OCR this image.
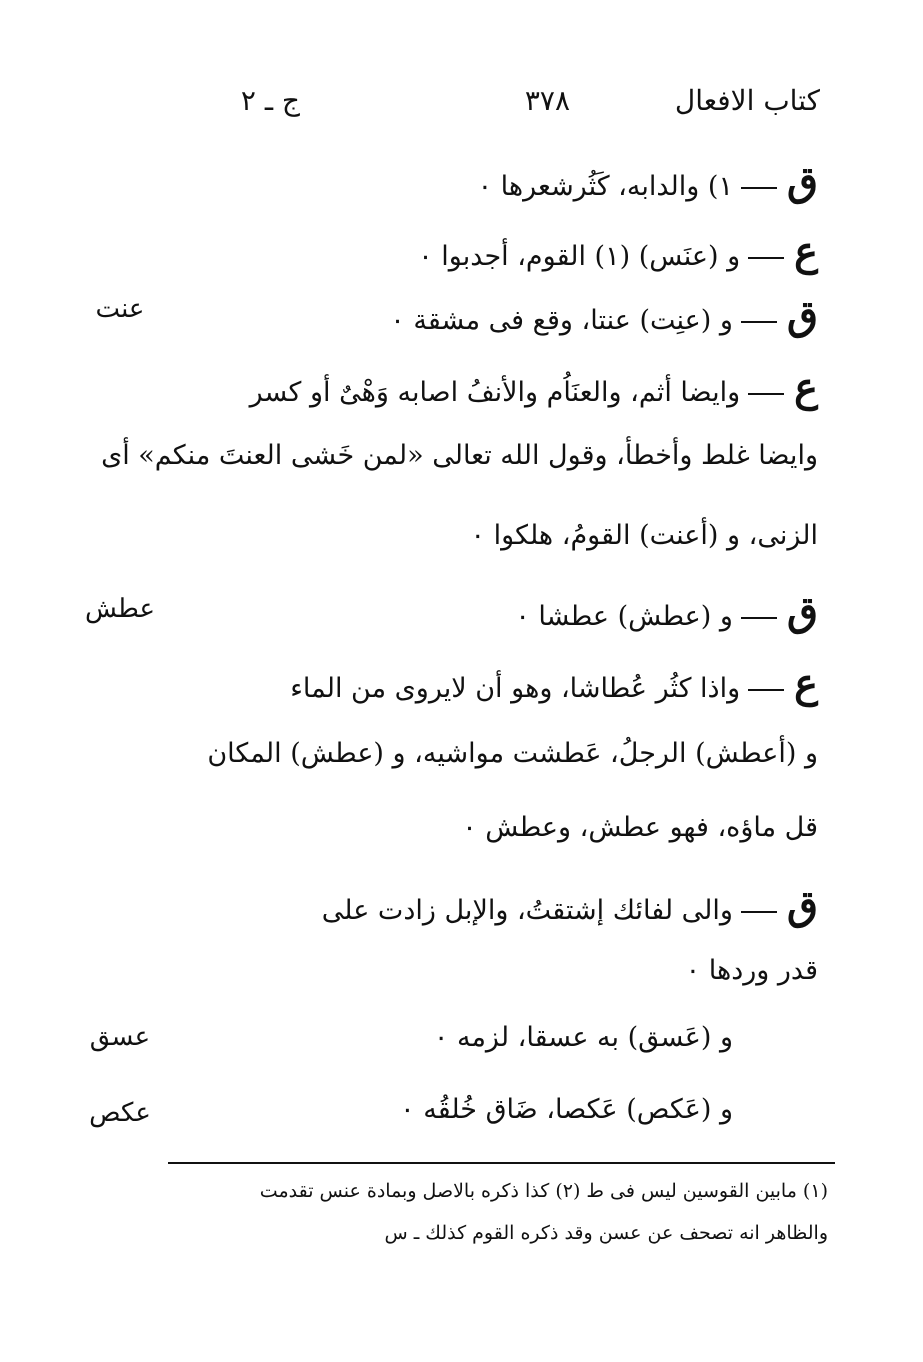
كتاب الافعال
٣٧٨
ج ـ ٢
ق١) والدابه، كَثُرشعرها ٠
عو (عنَس) (١) القوم، أجدبوا ٠
قو (عنِت) عنتا، وقع فى مشقة ٠
عنت
عوايضا أثم، والعنَاُم والأنفُ اصابه وَهْىٌ أو كسر
وايضا غلط وأخطأ، وقول الله تعالى «لمن خَشى العنتَ منكم» أى
الزنى، و (أعنت) القومُ، هلكوا ٠
قو (عطش) عطشا ٠
عطش
عواذا كثُر عُطاشا، وهو أن لايروى من الماء
و (أعطش) الرجلُ، عَطشت مواشيه، و (عطش) المكان
قل ماؤه، فهو عطش، وعطش ٠
قوالى لفائك إشتقتُ، والإبل زادت على
قدر وردها ٠
و (عَسق) به عسقا، لزمه ٠
عسق
و (عَكص) عَكصا، ضَاق خُلقُه ٠
عكص
(١) مابين القوسين ليس فى ط (٢) كذا ذكره بالاصل وبمادة عنس تقدمت
والظاهر انه تصحف عن عسن وقد ذكره القوم كذلك ـ س
